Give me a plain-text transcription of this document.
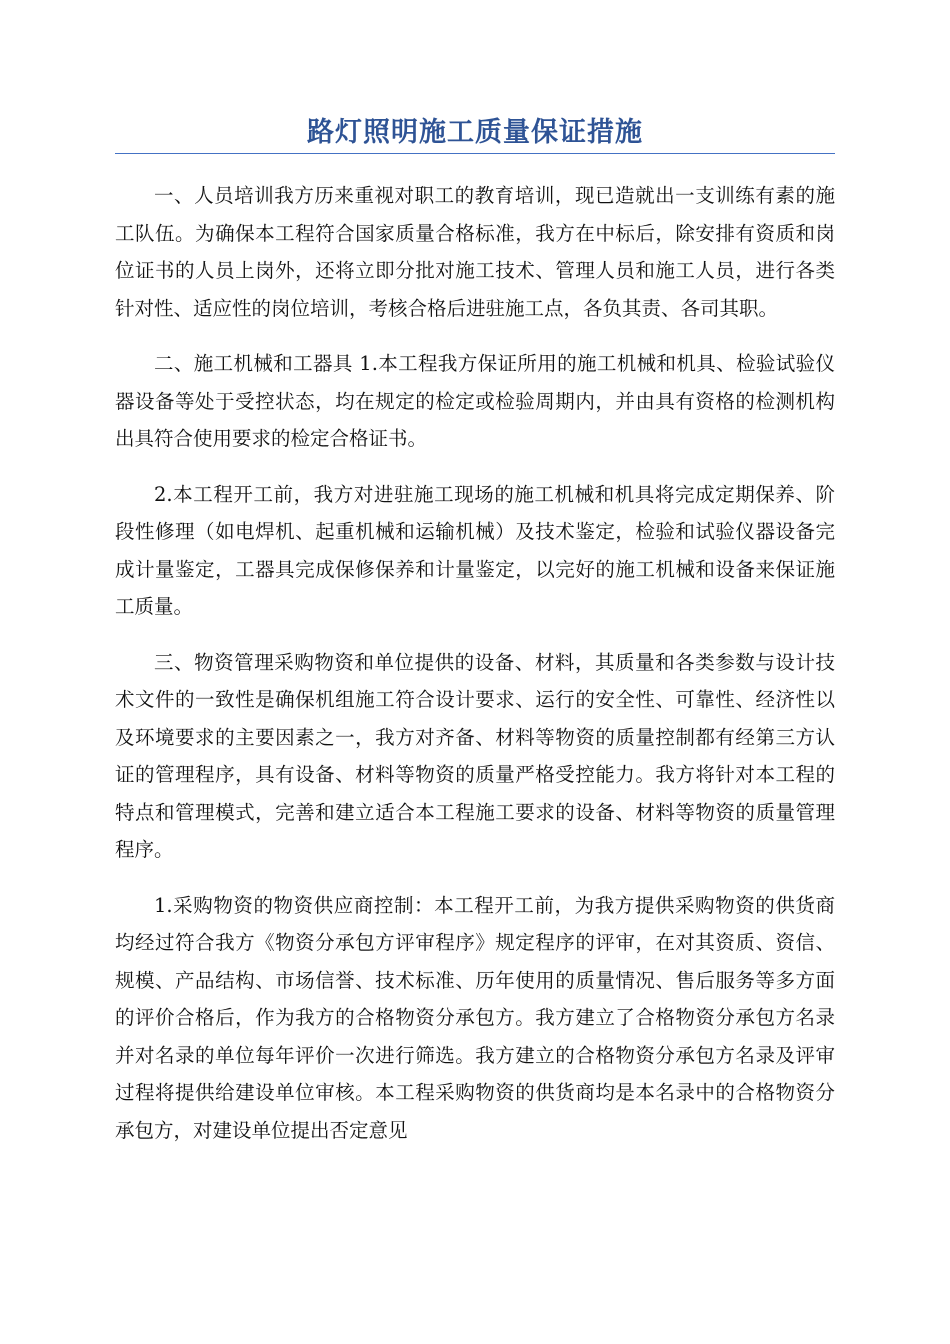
路灯照明施工质量保证措施

一、人员培训我方历来重视对职工的教育培训，现已造就出一支训练有素的施工队伍。为确保本工程符合国家质量合格标准，我方在中标后，除安排有资质和岗位证书的人员上岗外，还将立即分批对施工技术、管理人员和施工人员，进行各类针对性、适应性的岗位培训，考核合格后进驻施工点，各负其责、各司其职。

二、施工机械和工器具 1.本工程我方保证所用的施工机械和机具、检验试验仪器设备等处于受控状态，均在规定的检定或检验周期内，并由具有资格的检测机构出具符合使用要求的检定合格证书。

2.本工程开工前，我方对进驻施工现场的施工机械和机具将完成定期保养、阶段性修理（如电焊机、起重机械和运输机械）及技术鉴定，检验和试验仪器设备完成计量鉴定，工器具完成保修保养和计量鉴定，以完好的施工机械和设备来保证施工质量。

三、物资管理采购物资和单位提供的设备、材料，其质量和各类参数与设计技术文件的一致性是确保机组施工符合设计要求、运行的安全性、可靠性、经济性以及环境要求的主要因素之一，我方对齐备、材料等物资的质量控制都有经第三方认证的管理程序，具有设备、材料等物资的质量严格受控能力。我方将针对本工程的特点和管理模式，完善和建立适合本工程施工要求的设备、材料等物资的质量管理程序。

1.采购物资的物资供应商控制：本工程开工前，为我方提供采购物资的供货商均经过符合我方《物资分承包方评审程序》规定程序的评审，在对其资质、资信、规模、产品结构、市场信誉、技术标准、历年使用的质量情况、售后服务等多方面的评价合格后，作为我方的合格物资分承包方。我方建立了合格物资分承包方名录并对名录的单位每年评价一次进行筛选。我方建立的合格物资分承包方名录及评审过程将提供给建设单位审核。本工程采购物资的供货商均是本名录中的合格物资分承包方，对建设单位提出否定意见
